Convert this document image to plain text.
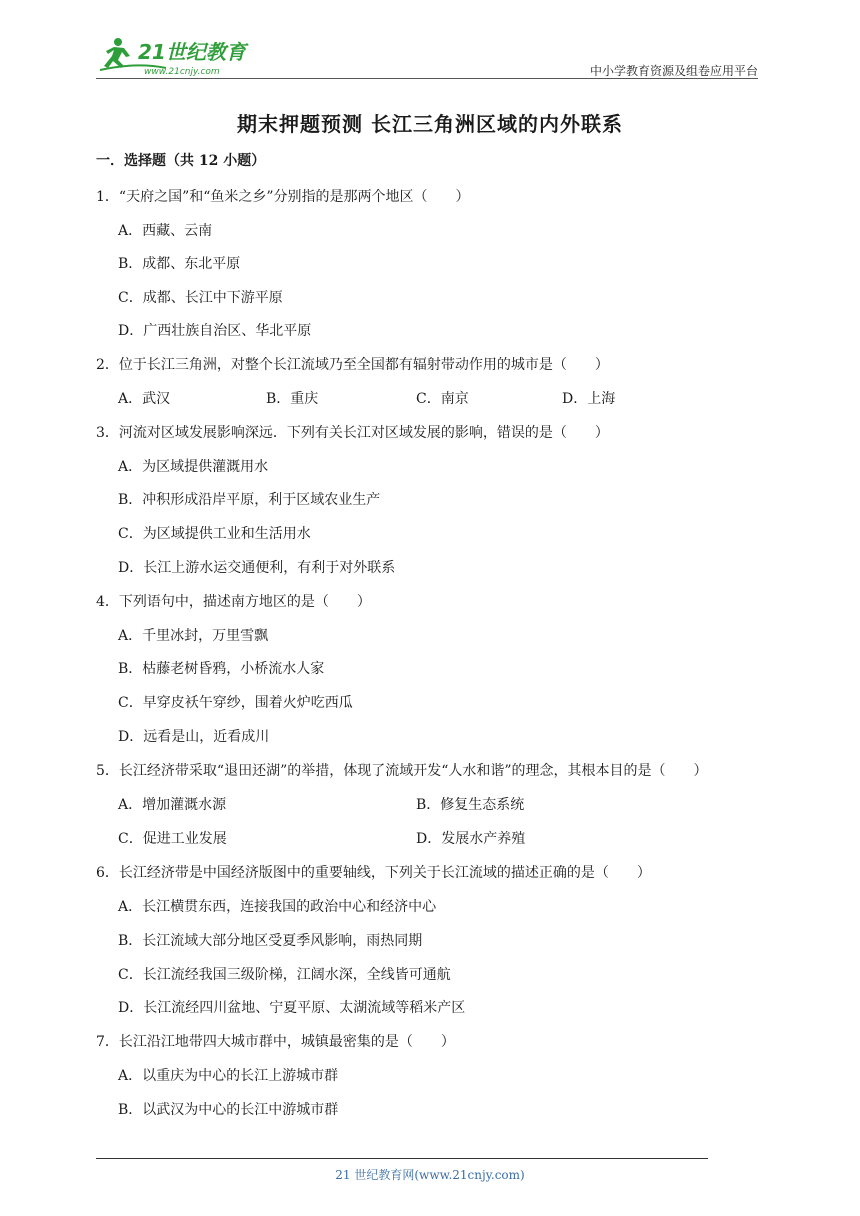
21世纪教育
www.21cnjy.com	中小学教育资源及组卷应用平台
期末押题预测 长江三角洲区域的内外联系
一．选择题（共 12 小题）
1．“天府之国”和“鱼米之乡”分别指的是那两个地区（　　）
A．西藏、云南
B．成都、东北平原
C．成都、长江中下游平原
D．广西壮族自治区、华北平原
2．位于长江三角洲，对整个长江流域乃至全国都有辐射带动作用的城市是（　　）
A．武汉	B．重庆	C．南京	D．上海
3．河流对区域发展影响深远．下列有关长江对区域发展的影响，错误的是（　　）
A．为区域提供灌溉用水
B．冲积形成沿岸平原，利于区域农业生产
C．为区域提供工业和生活用水
D．长江上游水运交通便利，有利于对外联系
4．下列语句中，描述南方地区的是（　　）
A．千里冰封，万里雪飘
B．枯藤老树昏鸦，小桥流水人家
C．早穿皮袄午穿纱，围着火炉吃西瓜
D．远看是山，近看成川
5．长江经济带采取“退田还湖”的举措，体现了流域开发“人水和谐”的理念，其根本目的是（　　）
A．增加灌溉水源	B．修复生态系统
C．促进工业发展	D．发展水产养殖
6．长江经济带是中国经济版图中的重要轴线，下列关于长江流域的描述正确的是（　　）
A．长江横贯东西，连接我国的政治中心和经济中心
B．长江流域大部分地区受夏季风影响，雨热同期
C．长江流经我国三级阶梯，江阔水深，全线皆可通航
D．长江流经四川盆地、宁夏平原、太湖流域等稻米产区
7．长江沿江地带四大城市群中，城镇最密集的是（　　）
A．以重庆为中心的长江上游城市群
B．以武汉为中心的长江中游城市群
21 世纪教育网(www.21cnjy.com)
